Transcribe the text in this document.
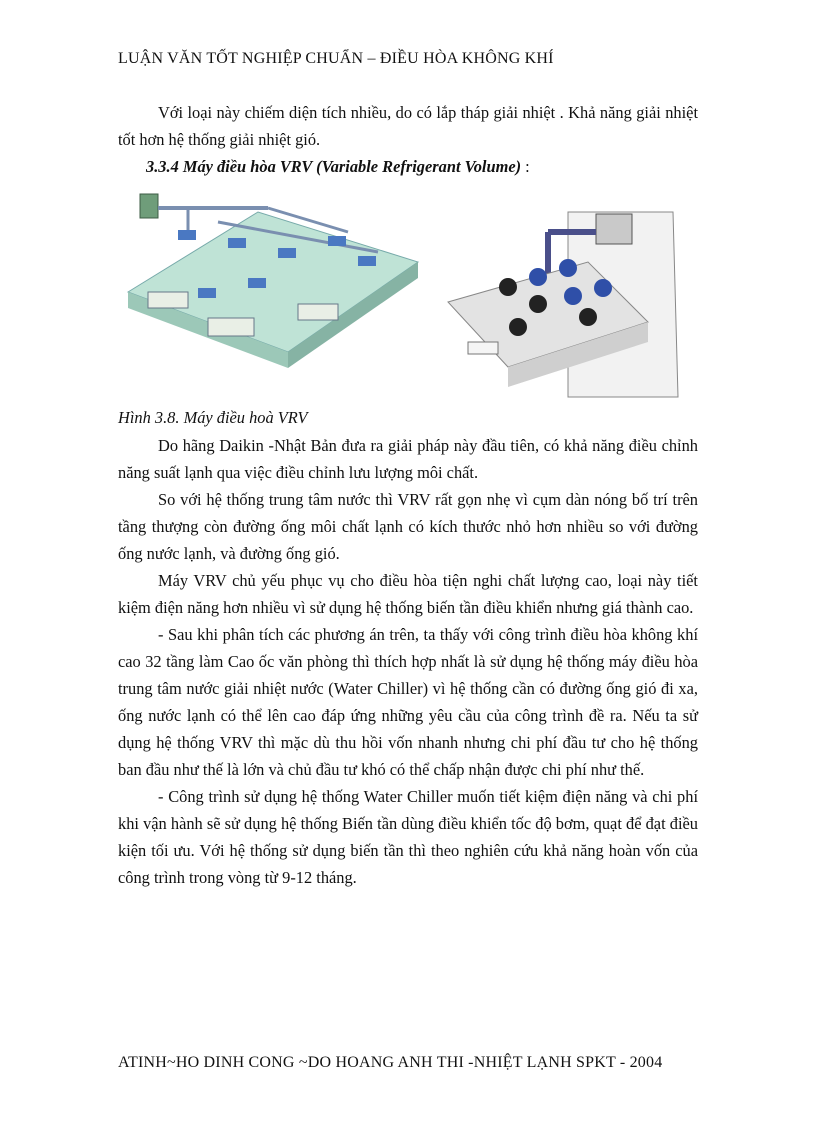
LUẬN VĂN TỐT NGHIỆP CHUẨN – ĐIỀU HÒA KHÔNG KHÍ
Với loại này chiếm diện tích nhiều, do có lắp tháp giải nhiệt . Khả năng giải nhiệt tốt hơn hệ thống giải nhiệt gió.
3.3.4 Máy điều hòa VRV (Variable Refrigerant Volume) :
Hình 3.8. Máy điều hoà VRV

Do hãng Daikin -Nhật Bản đưa ra giải pháp này đầu tiên, có khả năng điều chỉnh năng suất lạnh qua việc điều chỉnh lưu lượng môi chất.

So với hệ thống trung tâm nước thì VRV rất gọn nhẹ vì cụm dàn nóng bố trí trên tầng thượng còn đường ống môi chất lạnh có kích thước nhỏ hơn nhiều so với đường ống nước lạnh, và đường ống gió.

Máy VRV chủ yếu phục vụ cho điều hòa tiện nghi chất lượng cao, loại này tiết kiệm điện năng hơn nhiều vì sử dụng hệ thống biến tần điều khiển nhưng giá thành cao.

- Sau khi phân tích các phương án trên, ta thấy với công trình điều hòa không khí cao 32 tầng làm Cao ốc văn phòng thì thích hợp nhất là sử dụng hệ thống máy điều hòa trung tâm nước giải nhiệt nước (Water Chiller) vì hệ thống cần có đường ống gió đi xa, ống nước lạnh có thể lên cao đáp ứng những yêu cầu của công trình đề ra. Nếu ta sử dụng hệ thống VRV thì mặc dù thu hồi vốn nhanh nhưng chi phí đầu tư cho hệ thống ban đầu như thế là lớn và chủ đầu tư khó có thể chấp nhận được chi phí như thế.

- Công trình sử dụng hệ thống Water Chiller muốn tiết kiệm điện năng và chi phí khi vận hành sẽ sử dụng hệ thống Biến tần dùng điều khiển tốc độ bơm, quạt để đạt điều kiện tối ưu. Với hệ thống sử dụng biến tần thì theo nghiên cứu khả năng hoàn vốn của công trình trong vòng từ 9-12 tháng.

ATINH~HO DINH CONG ~DO HOANG ANH THI -NHIỆT LẠNH SPKT - 2004
